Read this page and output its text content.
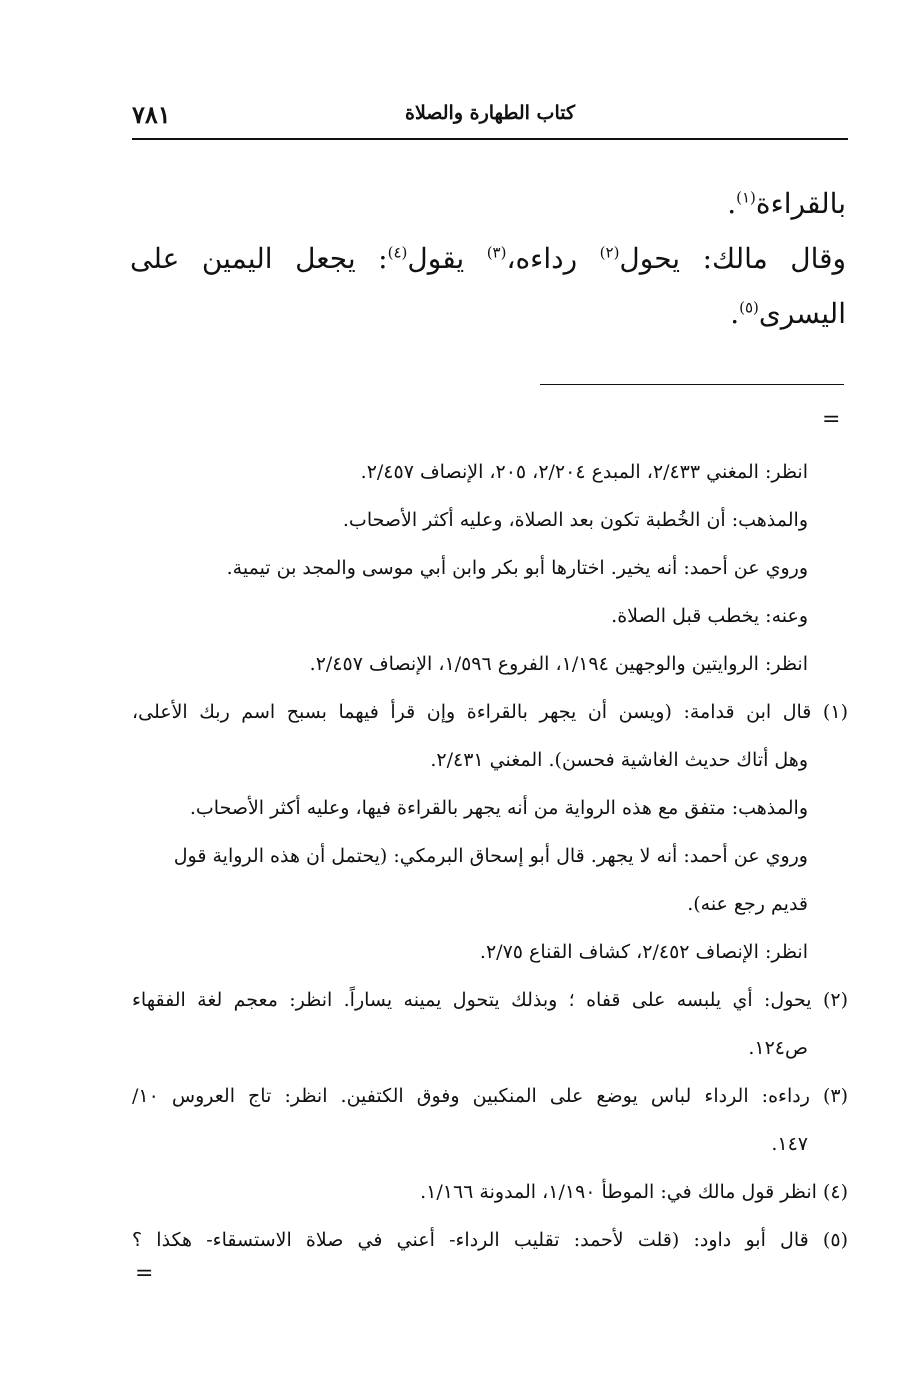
٧٨١	كتاب الطهارة والصلاة

بالقراءة$^{(١)}$.

وقال مالك: يحول$^{(٢)}$ رداءه،$^{(٣)}$ يقول$^{(٤)}$: يجعل اليمين على

اليسرى$^{(٥)}$.

=
انظر: المغني ٢/٤٣٣، المبدع ٢/٢٠٤، ٢٠٥، الإنصاف ٢/٤٥٧.
والمذهب: أن الخُطبة تكون بعد الصلاة، وعليه أكثر الأصحاب.
وروي عن أحمد: أنه يخير. اختارها أبو بكر وابن أبي موسى والمجد بن تيمية.
وعنه: يخطب قبل الصلاة.
انظر: الروايتين والوجهين ١/١٩٤، الفروع ١/٥٩٦، الإنصاف ٢/٤٥٧.
(١) قال ابن قدامة: (ويسن أن يجهر بالقراءة وإن قرأ فيهما بسبح اسم ربك الأعلى،
وهل أتاك حديث الغاشية فحسن). المغني ٢/٤٣١.
والمذهب: متفق مع هذه الرواية من أنه يجهر بالقراءة فيها، وعليه أكثر الأصحاب.
وروي عن أحمد: أنه لا يجهر. قال أبو إسحاق البرمكي: (يحتمل أن هذه الرواية قول
قديم رجع عنه).
انظر: الإنصاف ٢/٤٥٢، كشاف القناع ٢/٧٥.
(٢) يحول: أي يلبسه على قفاه ؛ وبذلك يتحول يمينه يساراً. انظر: معجم لغة الفقهاء
ص١٢٤.
(٣) رداءه: الرداء لباس يوضع على المنكبين وفوق الكتفين. انظر: تاج العروس ١٠/
١٤٧.
(٤) انظر قول مالك في: الموطأ ١/١٩٠، المدونة ١/١٦٦.
(٥) قال أبو داود: (قلت لأحمد: تقليب الرداء- أعني في صلاة الاستسقاء- هكذا ؟
=
